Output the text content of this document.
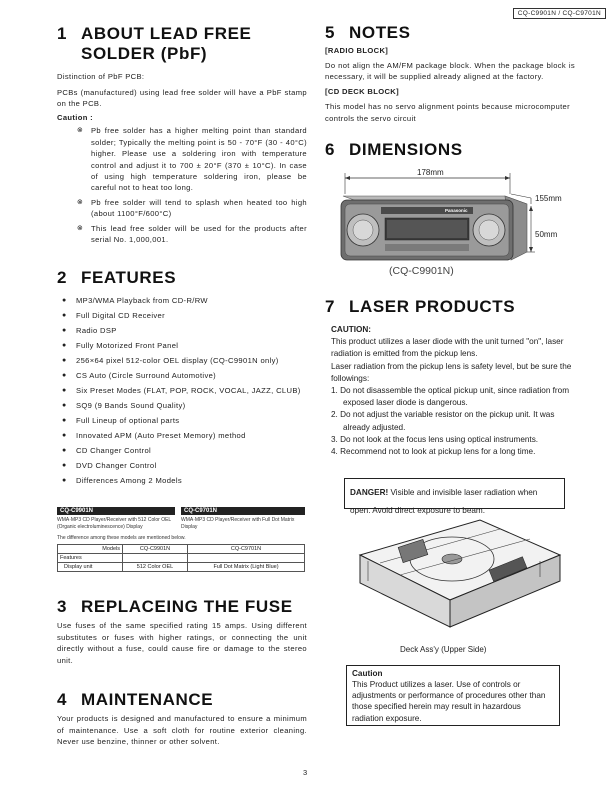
CQ-C9901N / CQ-C9701N
1 ABOUT LEAD FREE
SOLDER (PbF)

Distinction of PbF PCB:

PCBs (manufactured) using lead free solder will have a PbF stamp on the PCB.

Caution :

⊗ Pb free solder has a higher melting point than standard solder; Typically the melting point is 50 - 70°F (30 - 40°C) higher. Please use a soldering iron with temperature control and adjust it to 700 ± 20°F (370 ± 10°C). In case of using high temperature soldering iron, please be careful not to heat too long.
⊗ Pb free solder will tend to splash when heated too high (about 1100°F/600°C)
⊗ This lead free solder will be used for the products after serial No. 1,000,001.
2 FEATURES
● MP3/WMA Playback from CD-R/RW
● Full Digital CD Receiver
● Radio DSP
● Fully Motorized Front Panel
● 256×64 pixel 512-color OEL display (CQ-C9901N only)
● CS Auto (Circle Surround Automotive)
● Six Preset Modes (FLAT, POP, ROCK, VOCAL, JAZZ, CLUB)
● SQ9 (9 Bands Sound Quality)
● Full Lineup of optional parts
● Innovated APM (Auto Preset Memory) method
● CD Changer Control
● DVD Changer Control
● Differences Among 2 Models
CQ-C9901N
WMA·MP3 CD Player/Receiver with 512 Color OEL (Organic electroluminescence) Display
CQ-C9701N
WMA·MP3 CD Player/Receiver with Full Dot Matrix Display
The difference among these models are mentioned below.
Models	CQ-C9901N	CQ-C9701N
Features		
Display unit	512 Color OEL	Full Dot Matrix (Light Blue)
3 REPLACEING THE FUSE

Use fuses of the same specified rating 15 amps. Using different substitutes or fuses with higher ratings, or connecting the unit directly without a fuse, could cause fire or damage to the stereo unit.

4 MAINTENANCE

Your products is designed and manufactured to ensure a minimum of maintenance. Use a soft cloth for routine exterior cleaning. Never use benzine, thinner or other solvent.

5 NOTES

[RADIO BLOCK]

Do not align the AM/FM package block. When the package block is necessary, it will be supplied already aligned at the factory.

[CD DECK BLOCK]

This model has no servo alignment points because microcomputer controls the servo circuit

6 DIMENSIONS
178mm
155mm
50mm
Panasonic
(CQ-C9901N)
7 LASER PRODUCTS

CAUTION:

This product utilizes a laser diode with the unit turned "on", laser radiation is emitted from the pickup lens.

Laser radiation from the pickup lens is safety level, but be sure the followings:

1. Do not disassemble the optical pickup unit, since radiation from exposed laser diode is dangerous.

2. Do not adjust the variable resistor on the pickup unit. It was already adjusted.

3. Do not look at the focus lens using optical instruments.

4. Recommend not to look at pickup lens for a long time.

DANGER! Visible and invisible laser radiation when open. Avoid direct exposure to beam.
Deck Ass'y (Upper Side)

Caution

This Product utilizes a laser. Use of controls or adjustments or performance of procedures other than those specified herein may result in hazardous radiation exposure.

3
